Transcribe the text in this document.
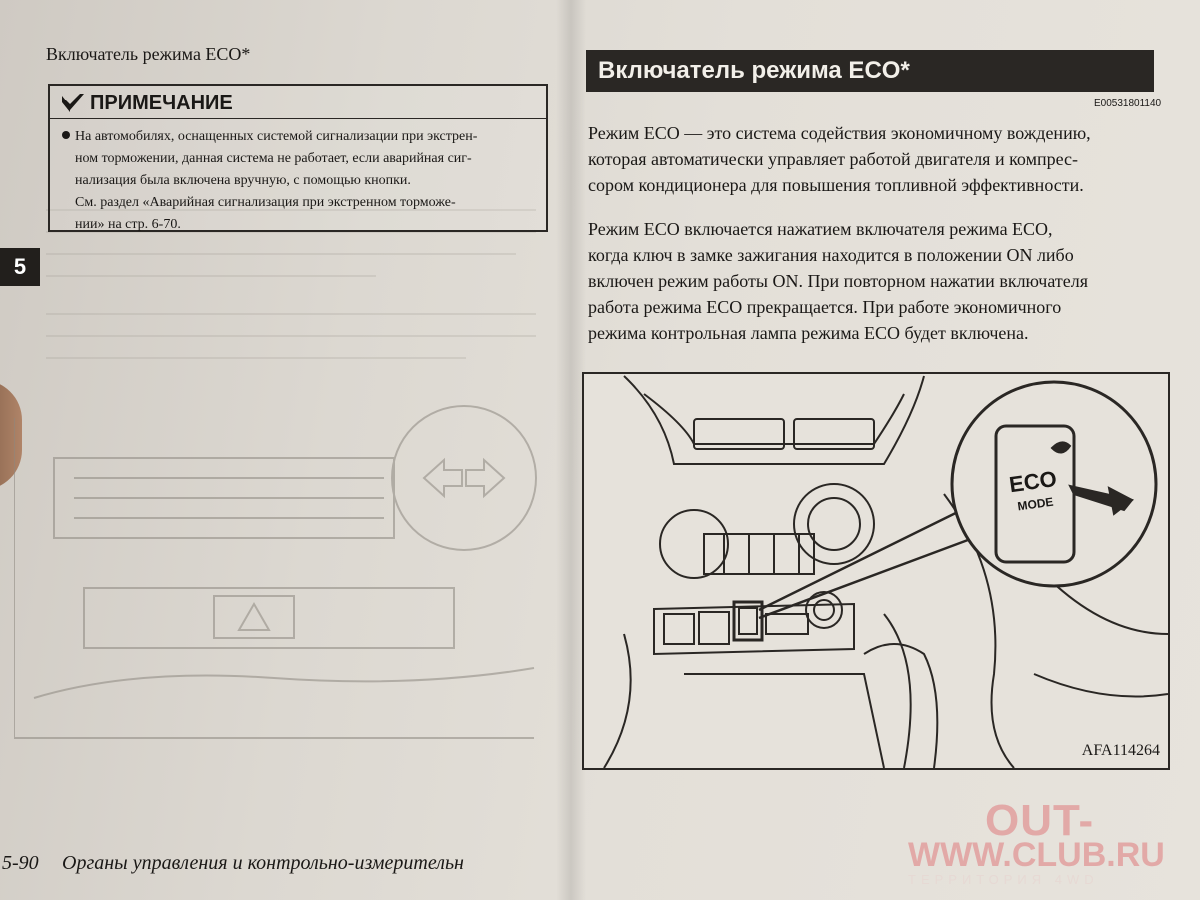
Включатель режима ECO*
ПРИМЕЧАНИЕ
На автомобилях, оснащенных системой сигнализации при экстрен-
ном торможении, данная система не работает, если аварийная сиг-
нализация была включена вручную, с помощью кнопки.
См. раздел «Аварийная сигнализация при экстренном торможе-
нии» на стр. 6-70.
5
5-90 Органы управления и контрольно-измерительн
Включатель режима ECO*
E00531801140
Режим ECO — это система содействия экономичному вождению,
которая автоматически управляет работой двигателя и компрес-
сором кондиционера для повышения топливной эффективности.
Режим ECO включается нажатием включателя режима ECO,
когда ключ в замке зажигания находится в положении ON либо
включен режим работы ON. При повторном нажатии включателя
работа режима ECO прекращается. При работе экономичного
режима контрольная лампа режима ECO будет включена.
ECO
MODE
AFA114264
OUT-
WWW.CLUB.RU
ТЕРРИТОРИЯ 4WD
